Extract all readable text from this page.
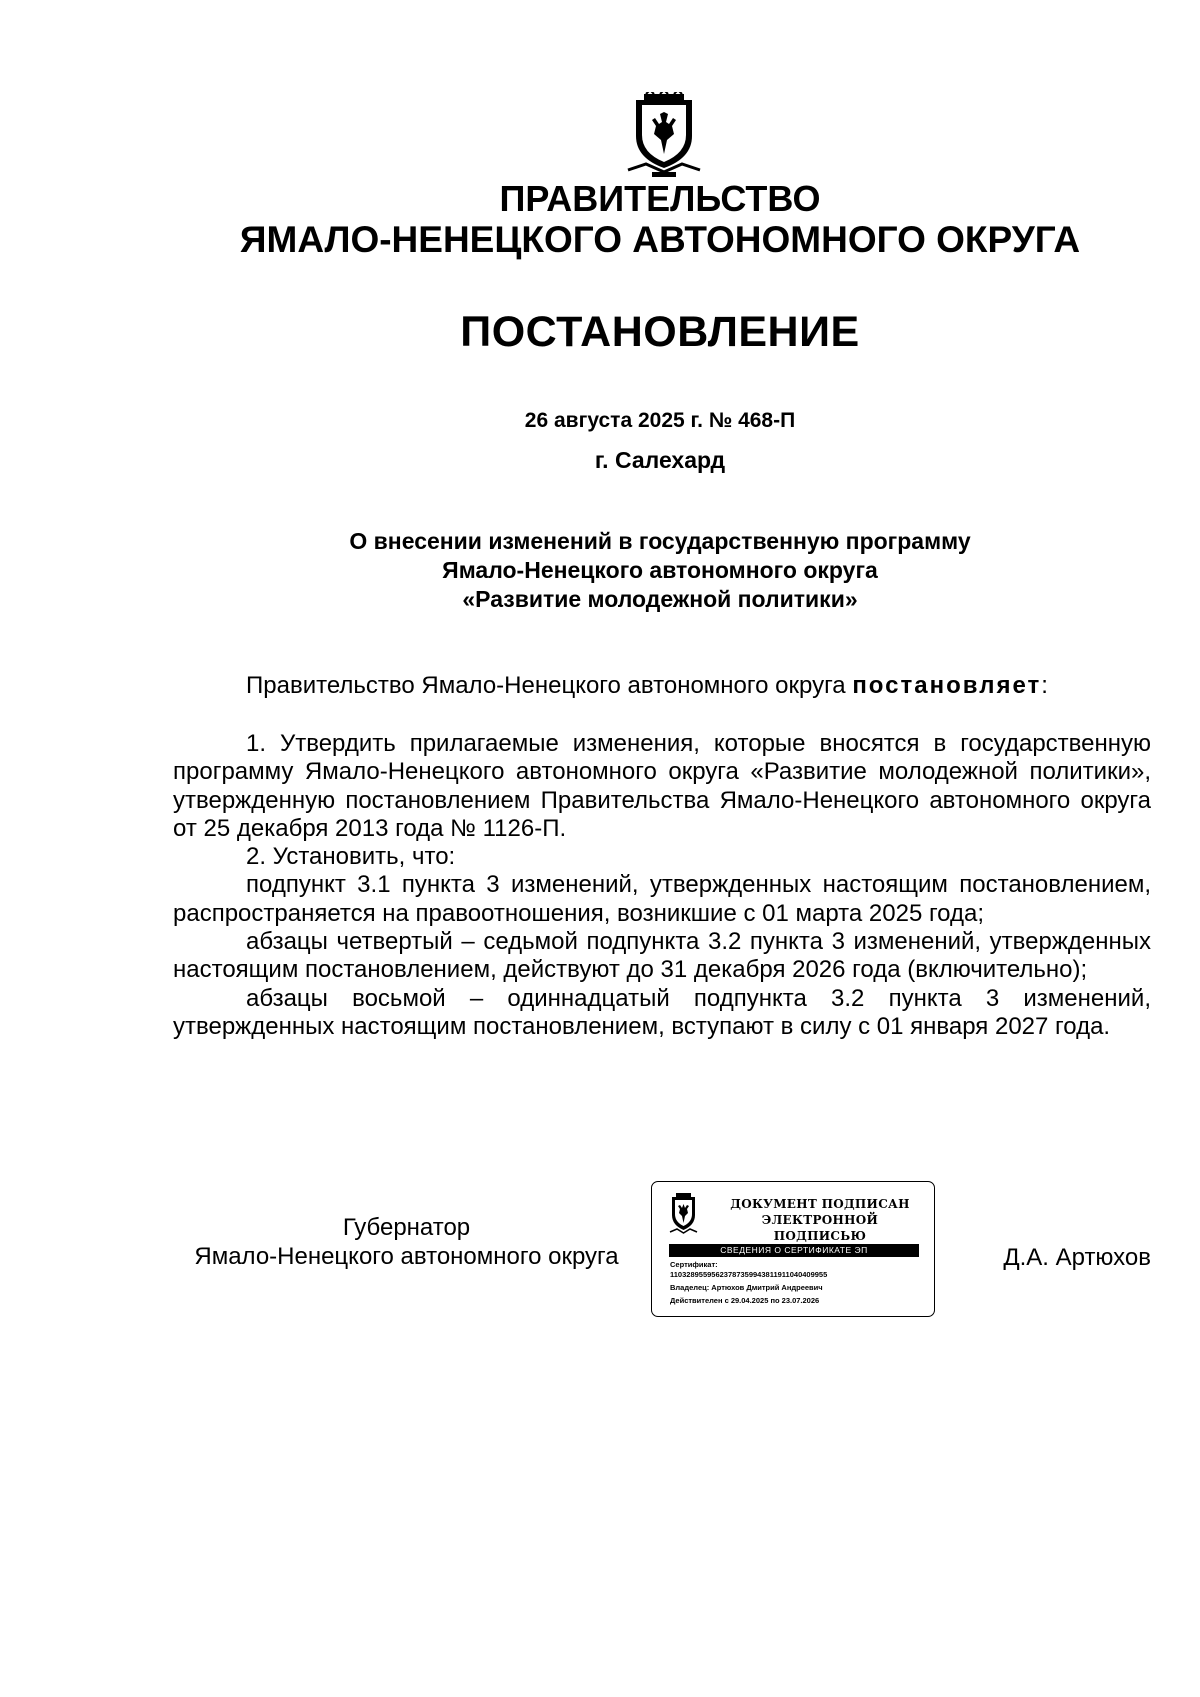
ПРАВИТЕЛЬСТВО
ЯМАЛО-НЕНЕЦКОГО АВТОНОМНОГО ОКРУГА
ПОСТАНОВЛЕНИЕ
26 августа 2025 г. № 468-П
г. Салехард
О внесении изменений в государственную программу
Ямало-Ненецкого автономного округа
«Развитие молодежной политики»

Правительство Ямало-Ненецкого автономного округа постановляет:

1. Утвердить прилагаемые изменения, которые вносятся в государственную программу Ямало-Ненецкого автономного округа «Развитие молодежной политики», утвержденную постановлением Правительства Ямало-Ненецкого автономного округа от 25 декабря 2013 года № 1126-П.

2. Установить, что:

подпункт 3.1 пункта 3 изменений, утвержденных настоящим постановлением, распространяется на правоотношения, возникшие с 01 марта 2025 года;

абзацы четвертый – седьмой подпункта 3.2 пункта 3 изменений, утвержденных настоящим постановлением, действуют до 31 декабря 2026 года (включительно);

абзацы восьмой – одиннадцатый подпункта 3.2 пункта 3 изменений, утвержденных настоящим постановлением, вступают в силу с 01 января 2027 года.

Губернатор
Ямало-Ненецкого автономного округа
ДОКУМЕНТ ПОДПИСАН
ЭЛЕКТРОННОЙ ПОДПИСЬЮ
СВЕДЕНИЯ О СЕРТИФИКАТЕ ЭП
Сертификат:
11032895595623787359943811911040409955
Владелец: Артюхов Дмитрий Андреевич
Действителен с 29.04.2025 по 23.07.2026
Д.А. Артюхов
